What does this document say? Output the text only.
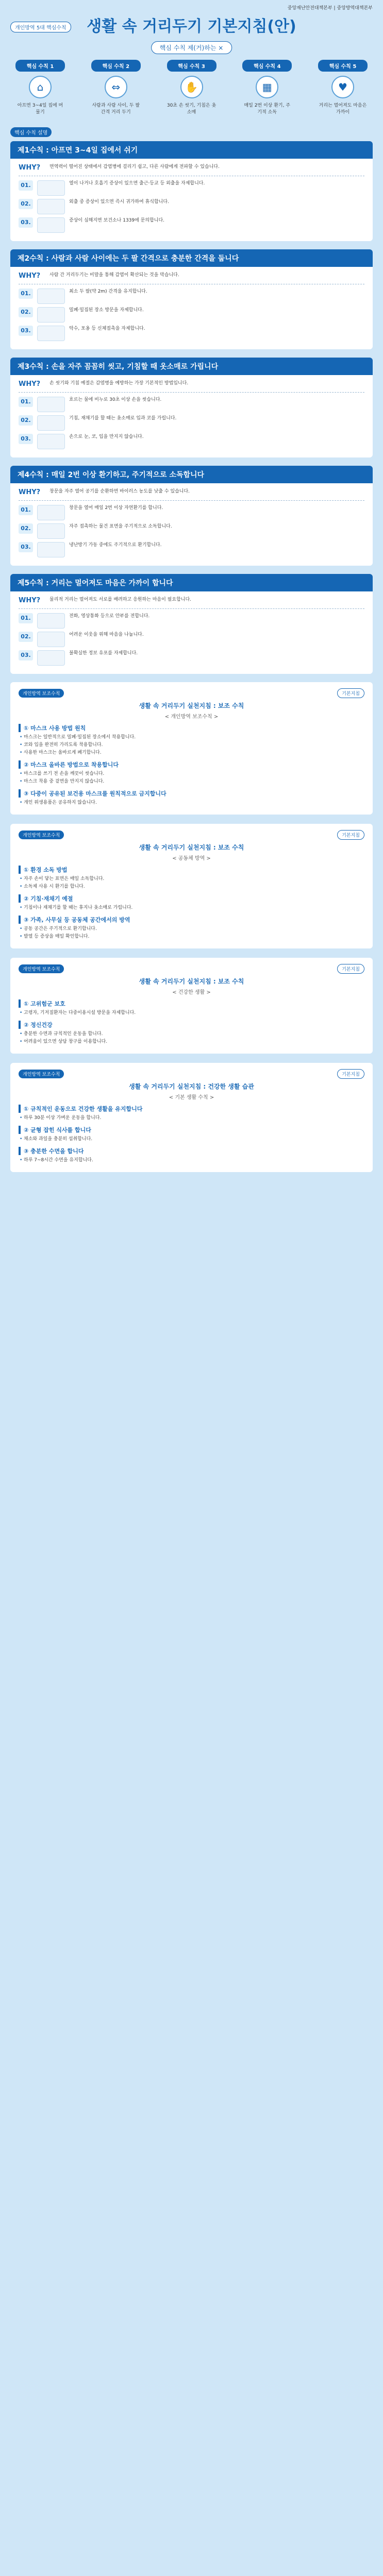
개인방역 5대 핵심수칙	생활 속 거리두기 기본지침(안)
중앙재난안전대책본부 | 중앙방역대책본부
핵심 수칙 제(거)하는 ×
핵심 수칙 1
⌂
아프면 3~4일 집에 머물기
핵심 수칙 2
⇔
사람과 사람 사이, 두 팔 간격 거리 두기
핵심 수칙 3
✋
30초 손 씻기, 기침은 옷소매
핵심 수칙 4
▦
매일 2번 이상 환기, 주기적 소독
핵심 수칙 5
♥
거리는 멀어져도 마음은 가까이
핵심 수칙 설명
제1수칙 : 아프면 3~4일 집에서 쉬기
WHY?	면역력이 떨어진 상태에서 감염병에 걸리기 쉽고, 다른 사람에게 전파할 수 있습니다.
01.	열이 나거나 호흡기 증상이 있으면 출근·등교 등 외출을 자제합니다.
02.	외출 중 증상이 있으면 즉시 귀가하여 휴식합니다.
03.	증상이 심해지면 보건소나 1339에 문의합니다.
제2수칙 : 사람과 사람 사이에는 두 팔 간격으로 충분한 간격을 둡니다
WHY?	사람 간 거리두기는 비말을 통해 감염이 확산되는 것을 막습니다.
01.	최소 두 팔(약 2m) 간격을 유지합니다.
02.	밀폐·밀집된 장소 방문을 자제합니다.
03.	악수, 포옹 등 신체접촉을 자제합니다.
제3수칙 : 손을 자주 꼼꼼히 씻고, 기침할 때 옷소매로 가립니다
WHY?	손 씻기와 기침 예절은 감염병을 예방하는 가장 기본적인 방법입니다.
01.	흐르는 물에 비누로 30초 이상 손을 씻습니다.
02.	기침, 재채기를 할 때는 옷소매로 입과 코를 가립니다.
03.	손으로 눈, 코, 입을 만지지 않습니다.
제4수칙 : 매일 2번 이상 환기하고, 주기적으로 소독합니다
WHY?	창문을 자주 열어 공기를 순환하면 바이러스 농도를 낮출 수 있습니다.
01.	창문을 열어 매일 2번 이상 자연환기를 합니다.
02.	자주 접촉하는 물건 표면을 주기적으로 소독합니다.
03.	냉난방기 가동 중에도 주기적으로 환기합니다.
제5수칙 : 거리는 멀어져도 마음은 가까이 합니다
WHY?	물리적 거리는 멀어져도 서로를 배려하고 응원하는 마음이 필요합니다.
01.	전화, 영상통화 등으로 안부를 전합니다.
02.	어려운 이웃을 위해 마음을 나눕니다.
03.	불확실한 정보 유포를 자제합니다.
개인방역 보조수칙	기본지침
생활 속 거리두기 실천지침 : 보조 수칙
< 개인방역 보조수칙 >
① 마스크 사용 방법 원칙
• 마스크는 일반적으로 밀폐·밀집된 장소에서 착용합니다.
• 코와 입을 완전히 가리도록 착용합니다.
• 사용한 마스크는 올바르게 폐기합니다.
② 마스크 올바른 방법으로 착용합니다
• 마스크를 쓰기 전 손을 깨끗이 씻습니다.
• 마스크 착용 중 겉면을 만지지 않습니다.
③ 다중이 공유된 보건용 마스크를 원칙적으로 금지합니다
• 개인 위생용품은 공유하지 않습니다.
개인방역 보조수칙	기본지침
생활 속 거리두기 실천지침 : 보조 수칙
< 공동체 방역 >
① 환경 소독 방법
• 자주 손이 닿는 표면은 매일 소독합니다.
• 소독제 사용 시 환기를 합니다.
② 기침·재채기 예절
• 기침이나 재채기를 할 때는 휴지나 옷소매로 가립니다.
③ 가족, 사무실 등 공동체 공간에서의 방역
• 공동 공간은 주기적으로 환기합니다.
• 발열 등 증상을 매일 확인합니다.
개인방역 보조수칙	기본지침
생활 속 거리두기 실천지침 : 보조 수칙
< 건강한 생활 >
① 고위험군 보호
• 고령자, 기저질환자는 다중이용시설 방문을 자제합니다.
② 정신건강
• 충분한 수면과 규칙적인 운동을 합니다.
• 어려움이 있으면 상담 창구를 이용합니다.
개인방역 보조수칙	기본지침
생활 속 거리두기 실천지침 : 건강한 생활 습관
< 기본 생활 수칙 >
① 규칙적인 운동으로 건강한 생활을 유지합니다
• 하루 30분 이상 가벼운 운동을 합니다.
② 균형 잡힌 식사를 합니다
• 채소와 과일을 충분히 섭취합니다.
③ 충분한 수면을 합니다
• 하루 7~8시간 수면을 유지합니다.
